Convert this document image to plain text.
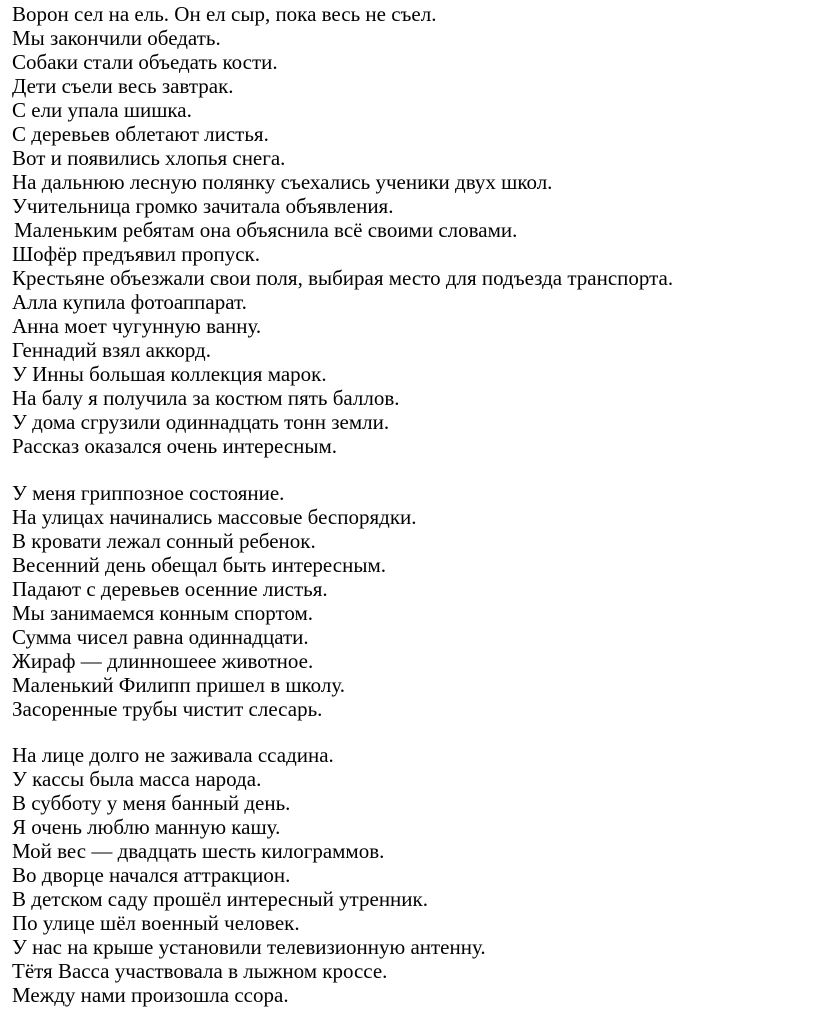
Ворон сел на ель. Он ел сыр, пока весь не съел.
Мы закончили обедать.
Собаки стали объедать кости.
Дети съели весь завтрак.
С ели упала шишка.
С деревьев облетают листья.
Вот и появились хлопья снега.
На дальнюю лесную полянку съехались ученики двух школ.
Учительница громко зачитала объявления.
Маленьким ребятам она объяснила всё своими словами.
Шофёр предъявил пропуск.
Крестьяне объезжали свои поля, выбирая место для подъезда транспорта.
Алла купила фотоаппарат.
Анна моет чугунную ванну.
Геннадий взял аккорд.
У Инны большая коллекция марок.
На балу я получила за костюм пять баллов.
У дома сгрузили одиннадцать тонн земли.
Рассказ оказался очень интересным.
У меня гриппозное состояние.
На улицах начинались массовые беспорядки.
В кровати лежал сонный ребенок.
Весенний день обещал быть интересным.
Падают с деревьев осенние листья.
Мы занимаемся конным спортом.
Сумма чисел равна одиннадцати.
Жираф — длинношеее животное.
Маленький Филипп пришел в школу.
Засоренные трубы чистит слесарь.
На лице долго не заживала ссадина.
У кассы была масса народа.
В субботу у меня банный день.
Я очень люблю манную кашу.
Мой вес — двадцать шесть килограммов.
Во дворце начался аттракцион.
В детском саду прошёл интересный утренник.
По улице шёл военный человек.
У нас на крыше установили телевизионную антенну.
Тётя Васса участвовала в лыжном кроссе.
Между нами произошла ссора.
